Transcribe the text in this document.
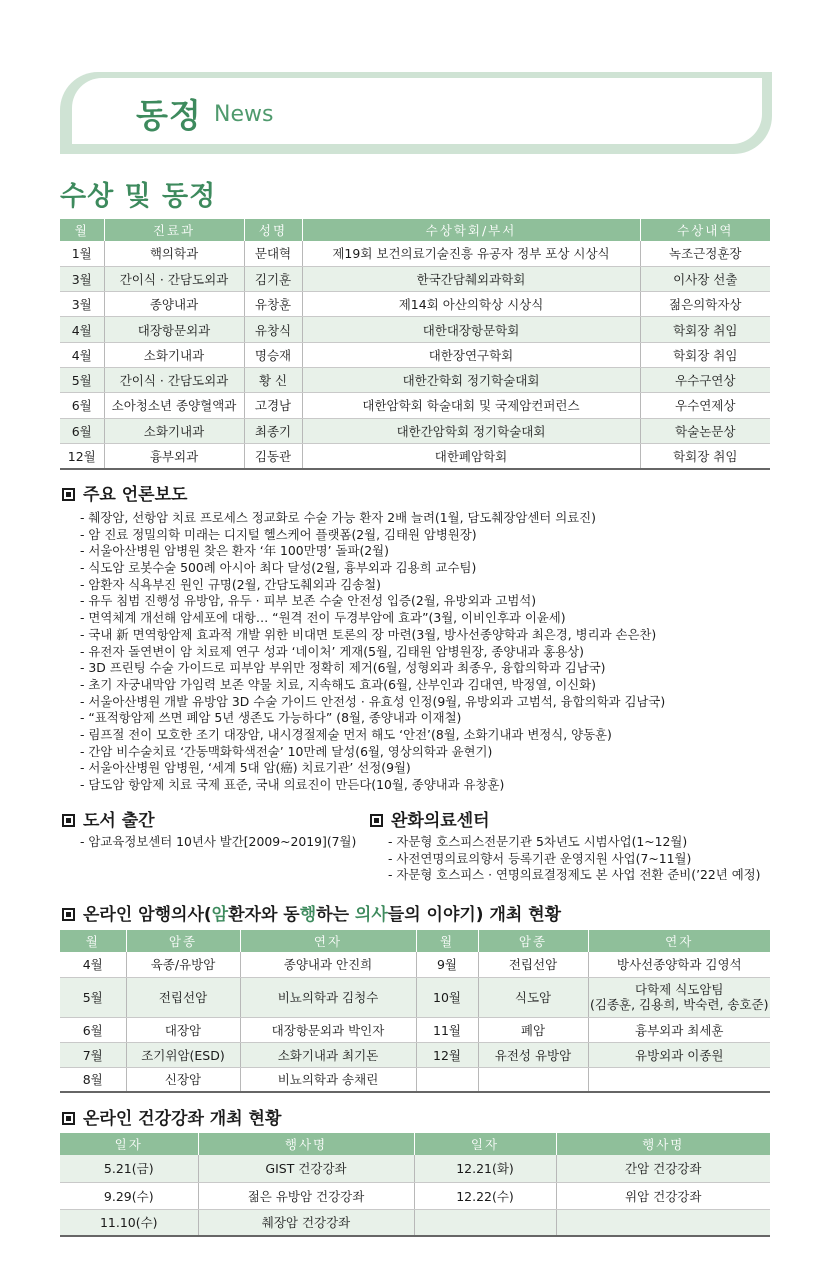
동정 News
수상 및 동정
월	진료과	성명	수상학회/부서	수상내역
1월	핵의학과	문대혁	제19회 보건의료기술진흥 유공자 정부 포상 시상식	녹조근정훈장
3월	간이식 · 간담도외과	김기훈	한국간담췌외과학회	이사장 선출
3월	종양내과	유창훈	제14회 아산의학상 시상식	젊은의학자상
4월	대장항문외과	유창식	대한대장항문학회	학회장 취임
4월	소화기내과	명승재	대한장연구학회	학회장 취임
5월	간이식 · 간담도외과	황 신	대한간학회 정기학술대회	우수구연상
6월	소아청소년 종양혈액과	고경남	대한암학회 학술대회 및 국제암컨퍼런스	우수연제상
6월	소화기내과	최종기	대한간암학회 정기학술대회	학술논문상
12월	흉부외과	김동관	대한폐암학회	학회장 취임
주요 언론보도
- 췌장암, 선항암 치료 프로세스 정교화로 수술 가능 환자 2배 늘려(1월, 담도췌장암센터 의료진)
- 암 진료 정밀의학 미래는 디지털 헬스케어 플랫폼(2월, 김태원 암병원장)
- 서울아산병원 암병원 찾은 환자 ‘年 100만명’ 돌파(2월)
- 식도암 로봇수술 500례 아시아 최다 달성(2월, 흉부외과 김용희 교수팀)
- 암환자 식욕부진 원인 규명(2월, 간담도췌외과 김송철)
- 유두 침범 진행성 유방암, 유두 · 피부 보존 수술 안전성 입증(2월, 유방외과 고범석)
- 면역체계 개선해 암세포에 대항… “원격 전이 두경부암에 효과”(3월, 이비인후과 이윤세)
- 국내 新 면역항암제 효과적 개발 위한 비대면 토론의 장 마련(3월, 방사선종양학과 최은경, 병리과 손은찬)
- 유전자 돌연변이 암 치료제 연구 성과 ‘네이처’ 게재(5월, 김태원 암병원장, 종양내과 홍용상)
- 3D 프린팅 수술 가이드로 피부암 부위만 정확히 제거(6월, 성형외과 최종우, 융합의학과 김남국)
- 초기 자궁내막암 가임력 보존 약물 치료, 지속해도 효과(6월, 산부인과 김대연, 박정열, 이신화)
- 서울아산병원 개발 유방암 3D 수술 가이드 안전성 · 유효성 인정(9월, 유방외과 고범석, 융합의학과 김남국)
- “표적항암제 쓰면 폐암 5년 생존도 가능하다” (8월, 종양내과 이재철)
- 림프절 전이 모호한 조기 대장암, 내시경절제술 먼저 해도 ‘안전’(8월, 소화기내과 변정식, 양동훈)
- 간암 비수술치료 ‘간동맥화학색전술’ 10만례 달성(6월, 영상의학과 윤현기)
- 서울아산병원 암병원, ‘세계 5대 암(癌) 치료기관’ 선정(9월)
- 담도암 항암제 치료 국제 표준, 국내 의료진이 만든다(10월, 종양내과 유창훈)
도서 출간
- 암교육정보센터 10년사 발간[2009~2019](7월)
완화의료센터
- 자문형 호스피스전문기관 5차년도 시범사업(1~12월)
- 사전연명의료의향서 등록기관 운영지원 사업(7~11월)
- 자문형 호스피스 · 연명의료결정제도 본 사업 전환 준비(’22년 예정)
온라인 암행의사(암환자와 동행하는 의사들의 이야기) 개최 현황
월	암종	연자	월	암종	연자
4월	육종/유방암	종양내과 안진희	9월	전립선암	방사선종양학과 김영석
5월	전립선암	비뇨의학과 김청수	10월	식도암	다학제 식도암팀
(김종훈, 김용희, 박숙련, 송호준)

6월	대장암	대장항문외과 박인자	11월	폐암	흉부외과 최세훈
7월	조기위암(ESD)	소화기내과 최기돈	12월	유전성 유방암	유방외과 이종원
8월	신장암	비뇨의학과 송채린			
온라인 건강강좌 개최 현황
일자	행사명	일자	행사명
5.21(금)	GIST 건강강좌	12.21(화)	간암 건강강좌
9.29(수)	젊은 유방암 건강강좌	12.22(수)	위암 건강강좌
11.10(수)	췌장암 건강강좌		
